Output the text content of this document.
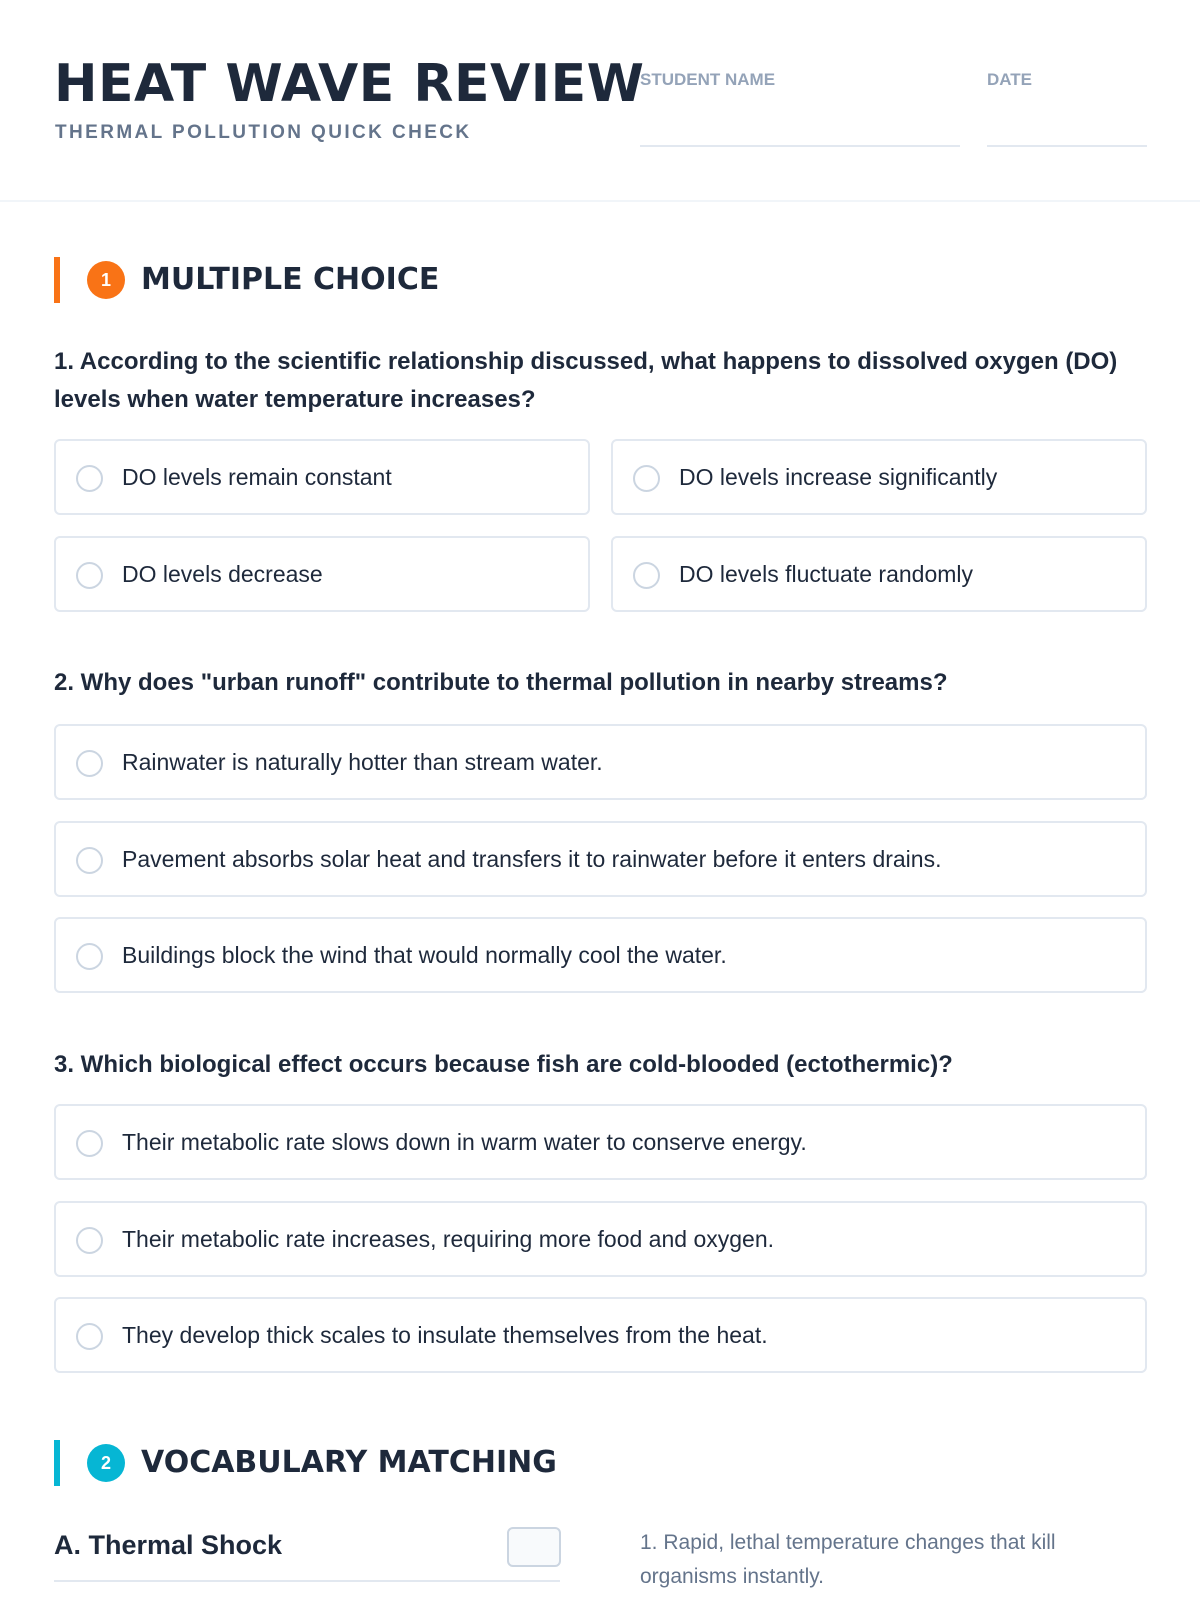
HEAT WAVE REVIEW
THERMAL POLLUTION QUICK CHECK
STUDENT NAME	DATE
1	MULTIPLE CHOICE
1. According to the scientific relationship discussed, what happens to dissolved oxygen (DO) levels when water temperature increases?
DO levels remain constant	DO levels increase significantly
DO levels decrease	DO levels fluctuate randomly
2. Why does "urban runoff" contribute to thermal pollution in nearby streams?
Rainwater is naturally hotter than stream water.
Pavement absorbs solar heat and transfers it to rainwater before it enters drains.
Buildings block the wind that would normally cool the water.
3. Which biological effect occurs because fish are cold-blooded (ectothermic)?
Their metabolic rate slows down in warm water to conserve energy.
Their metabolic rate increases, requiring more food and oxygen.
They develop thick scales to insulate themselves from the heat.
2	VOCABULARY MATCHING
A. Thermal Shock	1. Rapid, lethal temperature changes that kill organisms instantly.
